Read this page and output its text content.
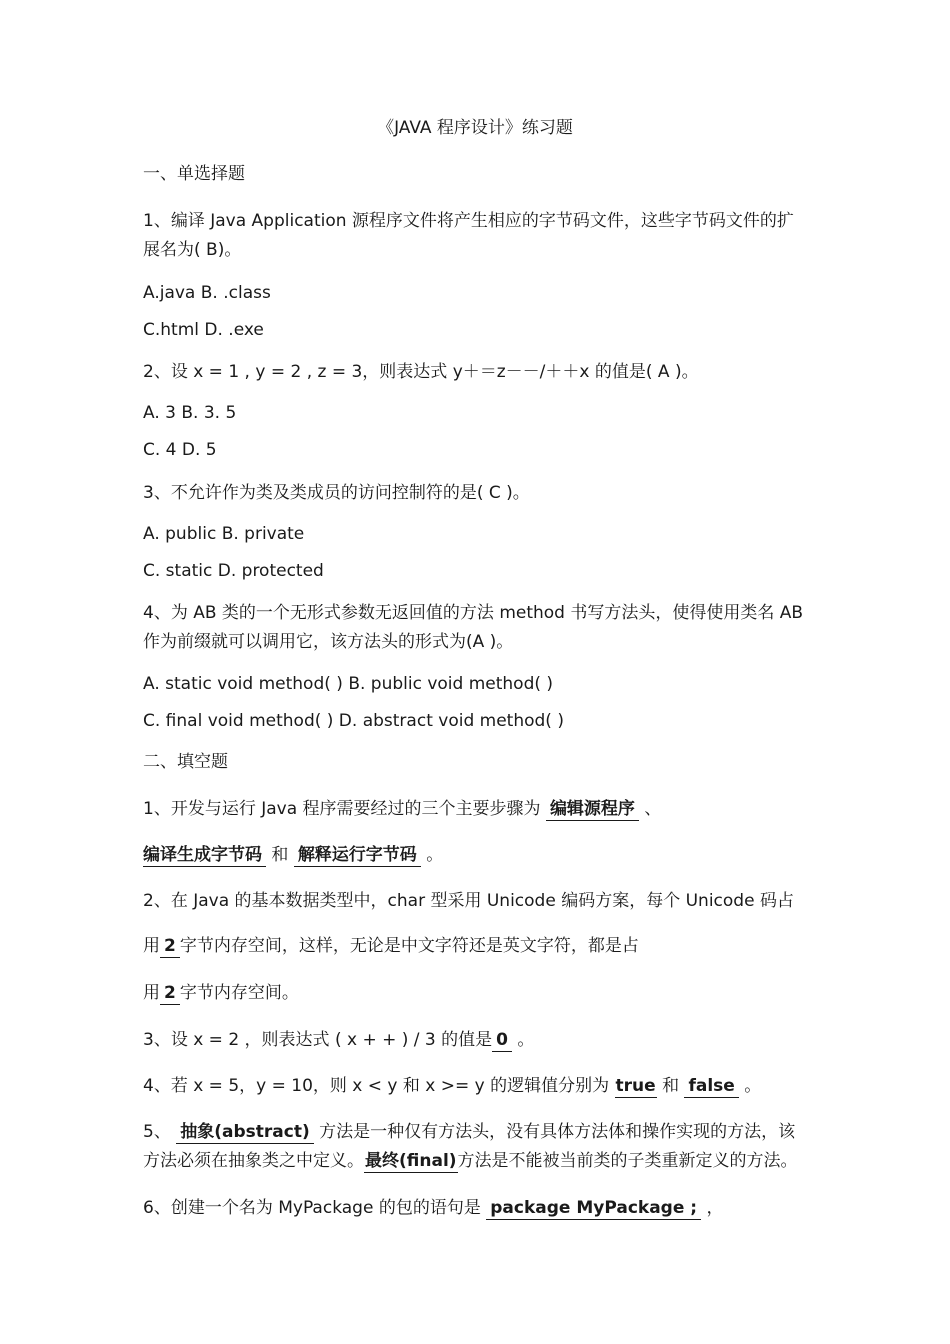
《JAVA 程序设计》练习题
一、单选择题
1、编译 Java Application 源程序文件将产生相应的字节码文件，这些字节码文件的扩
展名为( B)。
A.java B. .class
C.html D. .exe
2、设 x = 1 , y = 2 , z = 3，则表达式 y＋＝z－－/＋＋x 的值是( A )。
A. 3 B. 3. 5
C. 4 D. 5
3、不允许作为类及类成员的访问控制符的是( C )。
A. public B. private
C. static D. protected
4、为 AB 类的一个无形式参数无返回值的方法 method 书写方法头，使得使用类名 AB
作为前缀就可以调用它，该方法头的形式为(A )。
A. static void method( ) B. public void method( )
C. final void method( ) D. abstract void method( )
二、填空题
1、开发与运行 Java 程序需要经过的三个主要步骤为 编辑源程序 、
编译生成字节码 和 解释运行字节码 。
2、在 Java 的基本数据类型中，char 型采用 Unicode 编码方案，每个 Unicode 码占
用 2 字节内存空间，这样，无论是中文字符还是英文字符，都是占
用 2 字节内存空间。
3、设 x = 2 ，则表达式 ( x + + ) / 3 的值是 0 。
4、若 x = 5，y = 10，则 x < y 和 x >= y 的逻辑值分别为 true 和 false 。
5、 抽象(abstract) 方法是一种仅有方法头，没有具体方法体和操作实现的方法，该
方法必须在抽象类之中定义。最终(final)方法是不能被当前类的子类重新定义的方法。
6、创建一个名为 MyPackage 的包的语句是 package MyPackage ; ，
